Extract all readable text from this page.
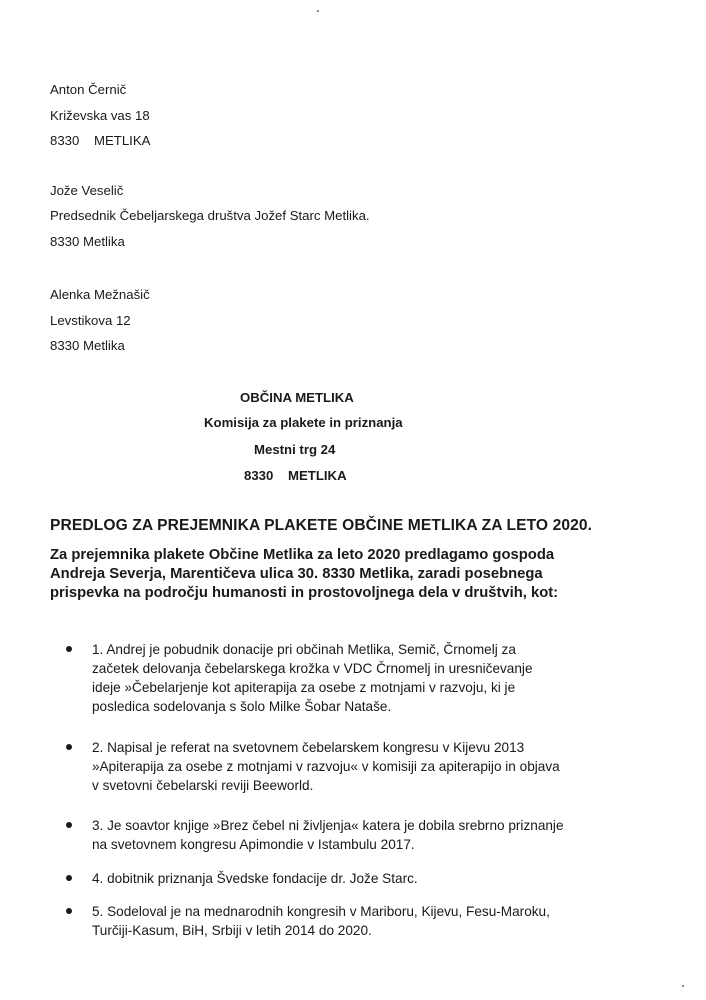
Anton Černič
Križevska vas 18
8330    METLIKA
Jože Veselič
Predsednik Čebeljarskega društva Jožef Starc Metlika.
8330 Metlika
Alenka Mežnašič
Levstikova 12
8330 Metlika
OBČINA METLIKA
Komisija za plakete in priznanja
Mestni trg 24
8330    METLIKA
PREDLOG ZA PREJEMNIKA PLAKETE OBČINE METLIKA ZA LETO 2020.
Za prejemnika plakete Občine Metlika za leto 2020 predlagamo gospoda
Andreja Severja, Marentičeva ulica 30. 8330 Metlika, zaradi posebnega
prispevka na področju humanosti in prostovoljnega dela v društvih, kot:
1. Andrej je pobudnik donacije pri občinah Metlika, Semič, Črnomelj za
začetek delovanja čebelarskega krožka v VDC Črnomelj in uresničevanje
ideje »Čebelarjenje kot apiterapija za osebe z motnjami v razvoju, ki je
posledica sodelovanja s šolo Milke Šobar Nataše.
2. Napisal je referat na svetovnem čebelarskem kongresu v Kijevu 2013
»Apiterapija za osebe z motnjami v razvoju« v komisiji za apiterapijo in objava
v svetovni čebelarski reviji Beeworld.
3. Je soavtor knjige »Brez čebel ni življenja« katera je dobila srebrno priznanje
na svetovnem kongresu Apimondie v Istambulu 2017.
4. dobitnik priznanja Švedske fondacije dr. Jože Starc.
5. Sodeloval je na mednarodnih kongresih v Mariboru, Kijevu, Fesu-Maroku,
Turčiji-Kasum, BiH, Srbiji v letih 2014 do 2020.
